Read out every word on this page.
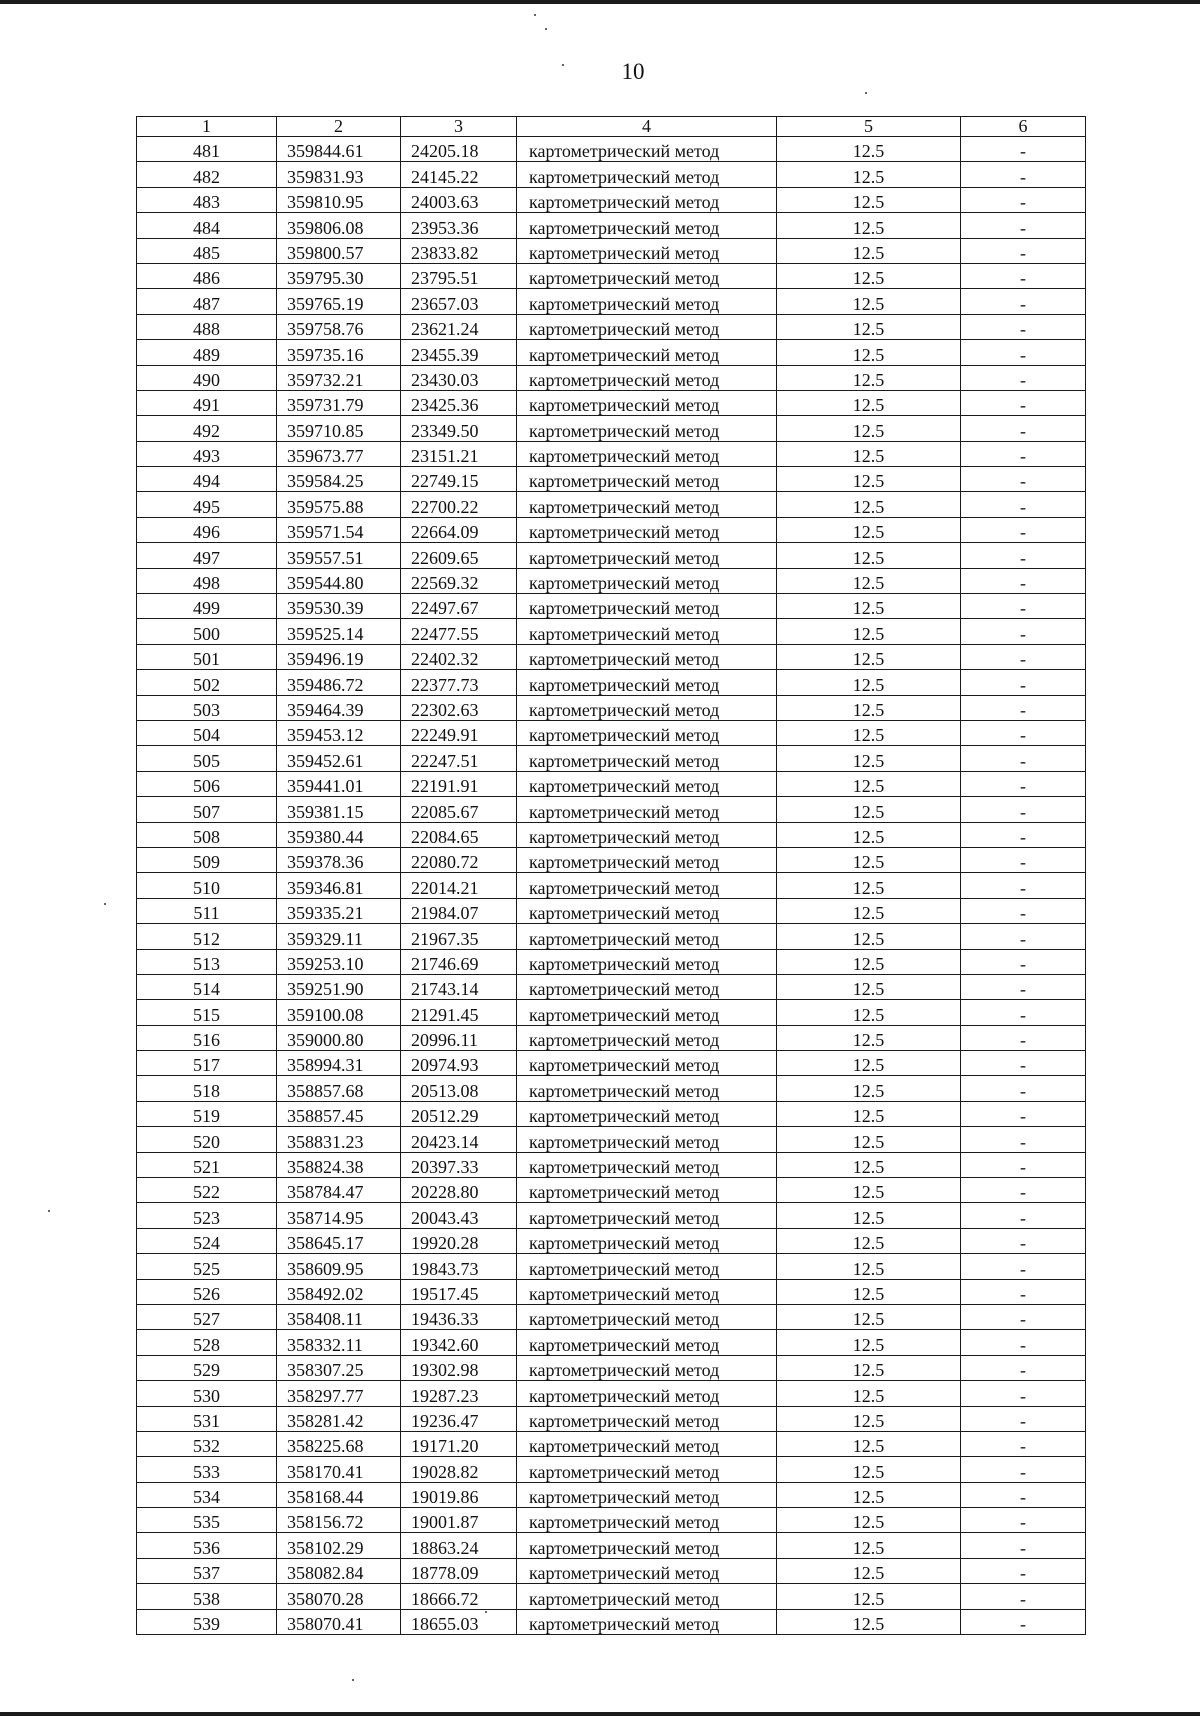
10
1	2	3	4	5	6
481	359844.61	24205.18	картометрический метод	12.5	-
482	359831.93	24145.22	картометрический метод	12.5	-
483	359810.95	24003.63	картометрический метод	12.5	-
484	359806.08	23953.36	картометрический метод	12.5	-
485	359800.57	23833.82	картометрический метод	12.5	-
486	359795.30	23795.51	картометрический метод	12.5	-
487	359765.19	23657.03	картометрический метод	12.5	-
488	359758.76	23621.24	картометрический метод	12.5	-
489	359735.16	23455.39	картометрический метод	12.5	-
490	359732.21	23430.03	картометрический метод	12.5	-
491	359731.79	23425.36	картометрический метод	12.5	-
492	359710.85	23349.50	картометрический метод	12.5	-
493	359673.77	23151.21	картометрический метод	12.5	-
494	359584.25	22749.15	картометрический метод	12.5	-
495	359575.88	22700.22	картометрический метод	12.5	-
496	359571.54	22664.09	картометрический метод	12.5	-
497	359557.51	22609.65	картометрический метод	12.5	-
498	359544.80	22569.32	картометрический метод	12.5	-
499	359530.39	22497.67	картометрический метод	12.5	-
500	359525.14	22477.55	картометрический метод	12.5	-
501	359496.19	22402.32	картометрический метод	12.5	-
502	359486.72	22377.73	картометрический метод	12.5	-
503	359464.39	22302.63	картометрический метод	12.5	-
504	359453.12	22249.91	картометрический метод	12.5	-
505	359452.61	22247.51	картометрический метод	12.5	-
506	359441.01	22191.91	картометрический метод	12.5	-
507	359381.15	22085.67	картометрический метод	12.5	-
508	359380.44	22084.65	картометрический метод	12.5	-
509	359378.36	22080.72	картометрический метод	12.5	-
510	359346.81	22014.21	картометрический метод	12.5	-
511	359335.21	21984.07	картометрический метод	12.5	-
512	359329.11	21967.35	картометрический метод	12.5	-
513	359253.10	21746.69	картометрический метод	12.5	-
514	359251.90	21743.14	картометрический метод	12.5	-
515	359100.08	21291.45	картометрический метод	12.5	-
516	359000.80	20996.11	картометрический метод	12.5	-
517	358994.31	20974.93	картометрический метод	12.5	-
518	358857.68	20513.08	картометрический метод	12.5	-
519	358857.45	20512.29	картометрический метод	12.5	-
520	358831.23	20423.14	картометрический метод	12.5	-
521	358824.38	20397.33	картометрический метод	12.5	-
522	358784.47	20228.80	картометрический метод	12.5	-
523	358714.95	20043.43	картометрический метод	12.5	-
524	358645.17	19920.28	картометрический метод	12.5	-
525	358609.95	19843.73	картометрический метод	12.5	-
526	358492.02	19517.45	картометрический метод	12.5	-
527	358408.11	19436.33	картометрический метод	12.5	-
528	358332.11	19342.60	картометрический метод	12.5	-
529	358307.25	19302.98	картометрический метод	12.5	-
530	358297.77	19287.23	картометрический метод	12.5	-
531	358281.42	19236.47	картометрический метод	12.5	-
532	358225.68	19171.20	картометрический метод	12.5	-
533	358170.41	19028.82	картометрический метод	12.5	-
534	358168.44	19019.86	картометрический метод	12.5	-
535	358156.72	19001.87	картометрический метод	12.5	-
536	358102.29	18863.24	картометрический метод	12.5	-
537	358082.84	18778.09	картометрический метод	12.5	-
538	358070.28	18666.72	картометрический метод	12.5	-
539	358070.41	18655.03	картометрический метод	12.5	-
